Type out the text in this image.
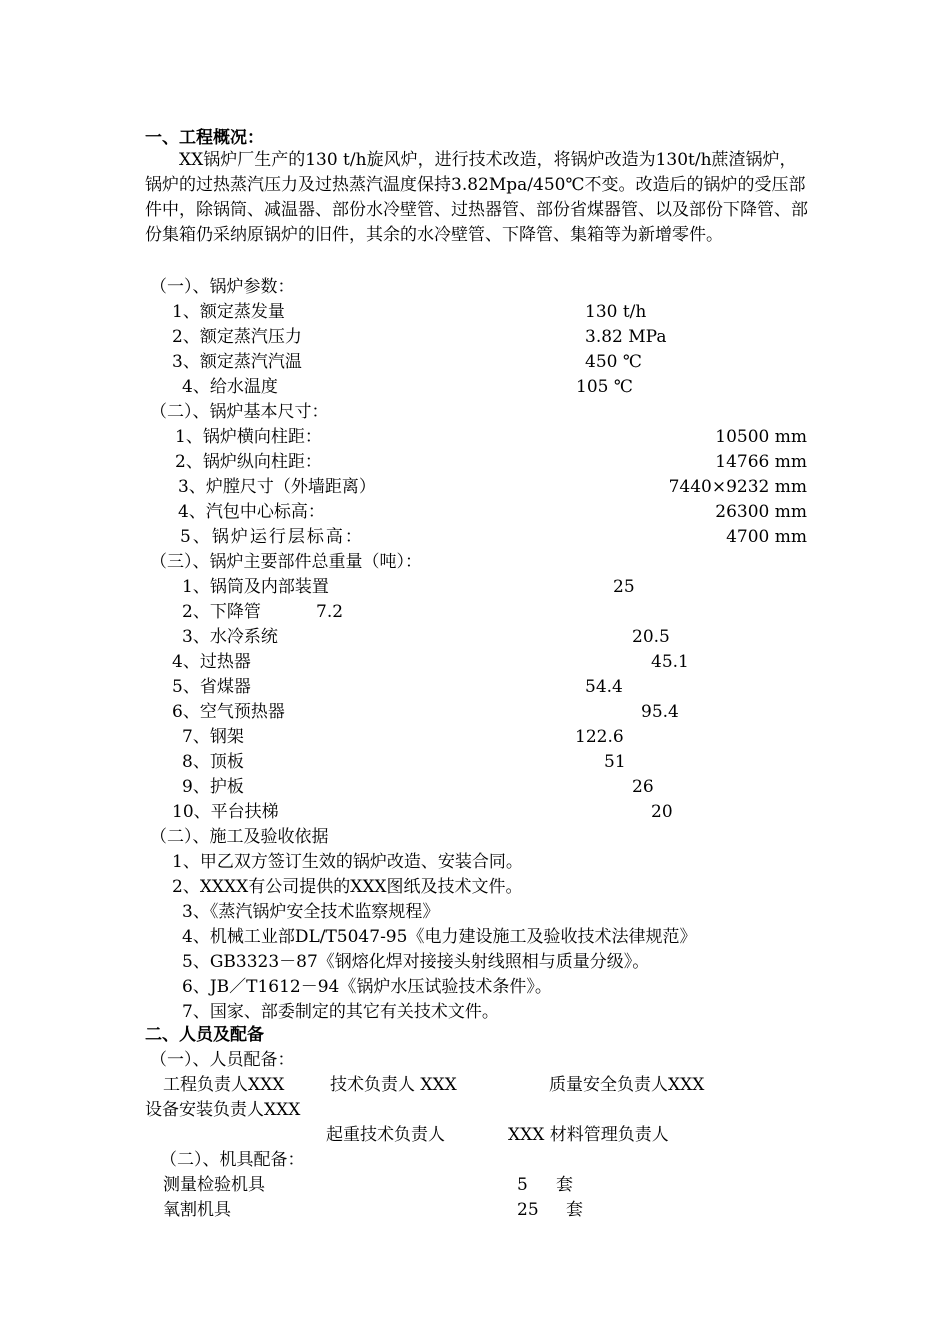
一、工程概况：
XX锅炉厂生产的130 t/h旋风炉，进行技术改造，将锅炉改造为130t/h蔗渣锅炉，锅炉的过热蒸汽压力及过热蒸汽温度保持3.82Mpa/450℃不变。改造后的锅炉的受压部件中，除锅筒、减温器、部份水冷壁管、过热器管、部份省煤器管、以及部份下降管、部份集箱仍采纳原锅炉的旧件，其余的水冷壁管、下降管、集箱等为新增零件。
（一）、锅炉参数：
1、额定蒸发量	130 t/h
2、额定蒸汽压力	3.82 MPa
3、额定蒸汽汽温	450 ℃
4、给水温度	105 ℃
（二）、锅炉基本尺寸：
1、锅炉横向柱距：	10500 mm
2、锅炉纵向柱距：	14766 mm
3、炉膛尺寸（外墙距离）	7440×9232 mm
4、汽包中心标高：	26300 mm
5、锅炉运行层标高：	4700 mm
（三）、锅炉主要部件总重量（吨）：
1、锅筒及内部装置	25
2、下降管	7.2
3、水冷系统	20.5
4、过热器	45.1
5、省煤器	54.4
6、空气预热器	95.4
7、钢架	122.6
8、顶板	51
9、护板	26
10、平台扶梯	20
（二）、施工及验收依据
1、甲乙双方签订生效的锅炉改造、安装合同。
2、XXXX有公司提供的XXX图纸及技术文件。
3、《蒸汽锅炉安全技术监察规程》
4、机械工业部DL/T5047-95《电力建设施工及验收技术法律规范》
5、GB3323－87《钢熔化焊对接接头射线照相与质量分级》。
6、JB／T1612－94《锅炉水压试验技术条件》。
7、国家、部委制定的其它有关技术文件。
二、人员及配备
（一）、人员配备：
工程负责人XXX	技术负责人 XXX	质量安全负责人XXX
设备安装负责人XXX
起重技术负责人	XXX 材料管理负责人
（二）、机具配备：
测量检验机具	5 套
氧割机具	25 套
